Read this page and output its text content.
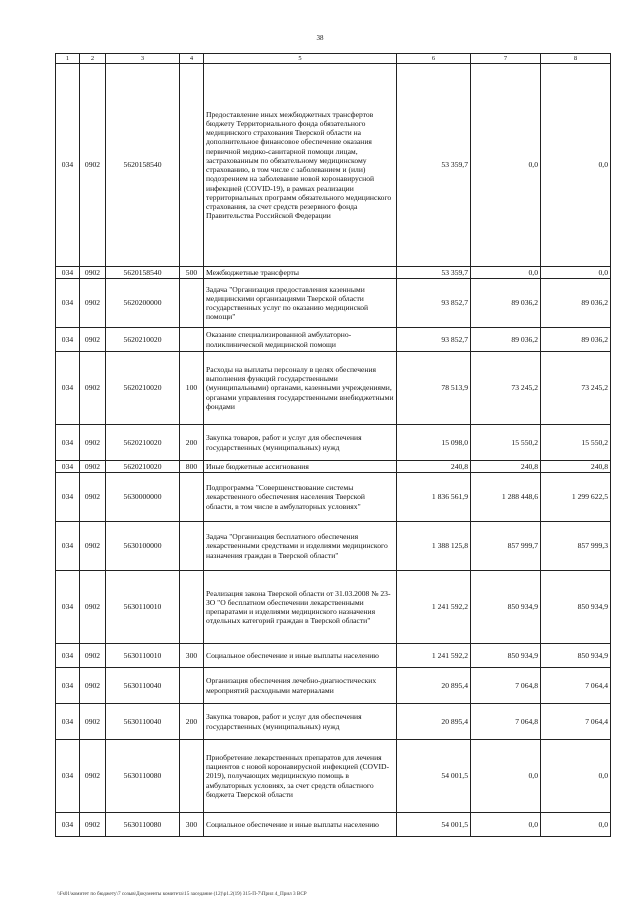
38
1	2	3	4	5	6	7	8
034	0902	5620158540		Предоставление иных межбюджетных трансфертов бюджету Территориального фонда обязательного медицинского страхования Тверской области на дополнительное финансовое обеспечение оказания первичной медико-санитарной помощи лицам, застрахованным по обязательному медицинскому страхованию, в том числе с заболеванием и (или) подозрением на заболевание новой коронавирусной инфекцией (COVID-19), в рамках реализации территориальных программ обязательного медицинского страхования, за счет средств резервного фонда Правительства Российской Федерации	53 359,7	0,0	0,0
034	0902	5620158540	500	Межбюджетные трансферты	53 359,7	0,0	0,0
034	0902	5620200000		Задача "Организация предоставления казенными медицинскими организациями Тверской области государственных услуг по оказанию медицинской помощи"	93 852,7	89 036,2	89 036,2
034	0902	5620210020		Оказание специализированной амбулаторно-поликлинической медицинской помощи	93 852,7	89 036,2	89 036,2
034	0902	5620210020	100	Расходы на выплаты персоналу в целях обеспечения выполнения функций государственными (муниципальными) органами, казенными учреждениями, органами управления государственными внебюджетными фондами	78 513,9	73 245,2	73 245,2
034	0902	5620210020	200	Закупка товаров, работ и услуг для обеспечения государственных (муниципальных) нужд	15 098,0	15 550,2	15 550,2
034	0902	5620210020	800	Иные бюджетные ассигнования	240,8	240,8	240,8
034	0902	5630000000		Подпрограмма "Совершенствование системы лекарственного обеспечения населения Тверской области, в том числе в амбулаторных условиях"	1 836 561,9	1 288 448,6	1 299 622,5
034	0902	5630100000		Задача "Организация бесплатного обеспечения лекарственными средствами и изделиями медицинского назначения граждан в Тверской области"	1 388 125,8	857 999,7	857 999,3
034	0902	5630110010		Реализация закона Тверской области от 31.03.2008 № 23-ЗО "О бесплатном обеспечении лекарственными препаратами и изделиями медицинского назначения отдельных категорий граждан в Тверской области"	1 241 592,2	850 934,9	850 934,9
034	0902	5630110010	300	Социальное обеспечение и иные выплаты населению	1 241 592,2	850 934,9	850 934,9
034	0902	5630110040		Организация обеспечения лечебно-диагностических мероприятий расходными материалами	20 895,4	7 064,8	7 064,4
034	0902	5630110040	200	Закупка товаров, работ и услуг для обеспечения государственных (муниципальных) нужд	20 895,4	7 064,8	7 064,4
034	0902	5630110080		Приобретение лекарственных препаратов для лечения пациентов с новой коронавирусной инфекцией (COVID-2019), получающих медицинскую помощь в амбулаторных условиях, за счет средств областного бюджета Тверской области	54 001,5	0,0	0,0
034	0902	5630110080	300	Социальное обеспечение и иные выплаты населению	54 001,5	0,0	0,0
\\Fs01\комитет по бюджету\7 созыв\Документы комитета\15 заседание (12)\р1.2(19) 315-П-7\Прил 4_Прил 3 ВСР
